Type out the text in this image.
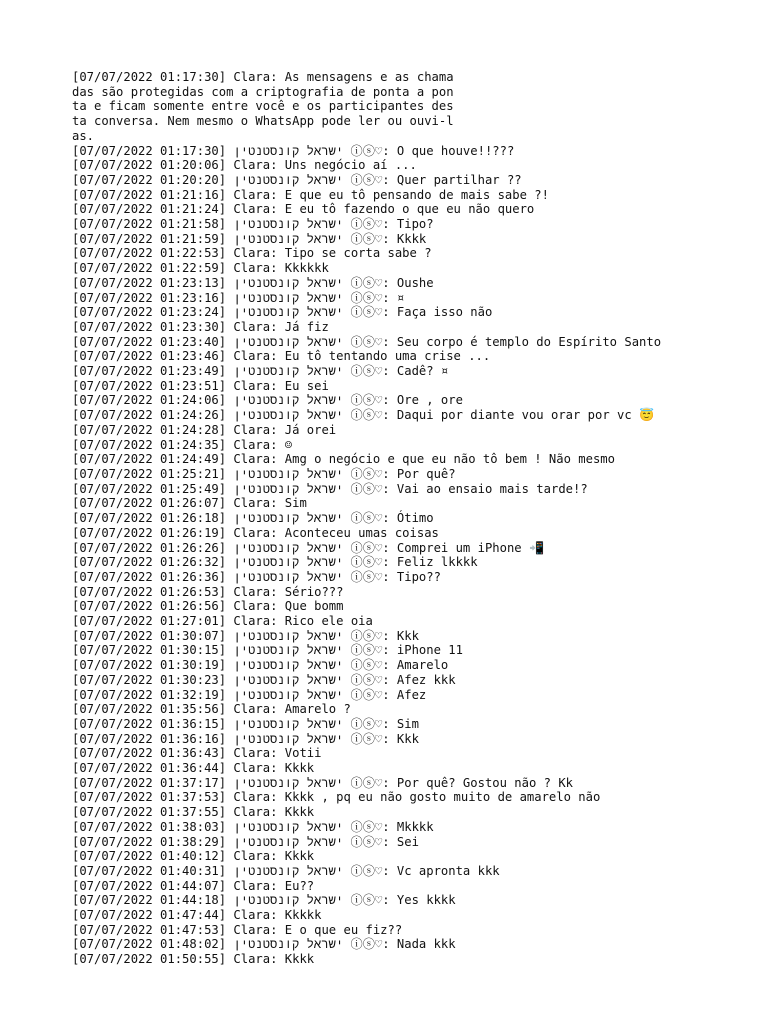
[07/07/2022 01:17:30] Clara: As mensagens e as chamadas são protegidas com a criptografia de ponta a ponta e ficam somente entre você e os participantes desta conversa. Nem mesmo o WhatsApp pode ler ou ouvi-las.
[07/07/2022 01:17:30] ישראל קונסטנטין ⓘⓢ♡: O que houve!!???
[07/07/2022 01:20:06] Clara: Uns negócio aí ...
[07/07/2022 01:20:20] ישראל קונסטנטין ⓘⓢ♡: Quer partilhar ??
[07/07/2022 01:21:16] Clara: E que eu tô pensando de mais sabe ?!
[07/07/2022 01:21:24] Clara: E eu tô fazendo o que eu não quero
[07/07/2022 01:21:58] ישראל קונסטנטין ⓘⓢ♡: Tipo?
[07/07/2022 01:21:59] ישראל קונסטנטין ⓘⓢ♡: Kkkk
[07/07/2022 01:22:53] Clara: Tipo se corta sabe ?
[07/07/2022 01:22:59] Clara: Kkkkkk
[07/07/2022 01:23:13] ישראל קונסטנטין ⓘⓢ♡: Oushe
[07/07/2022 01:23:16] ישראל קונסטנטין ⓘⓢ♡: ¤
[07/07/2022 01:23:24] ישראל קונסטנטין ⓘⓢ♡: Faça isso não
[07/07/2022 01:23:30] Clara: Já fiz
[07/07/2022 01:23:40] ישראל קונסטנטין ⓘⓢ♡: Seu corpo é templo do Espírito Santo
[07/07/2022 01:23:46] Clara: Eu tô tentando uma crise ...
[07/07/2022 01:23:49] ישראל קונסטנטין ⓘⓢ♡: Cadê? ¤
[07/07/2022 01:23:51] Clara: Eu sei
[07/07/2022 01:24:06] ישראל קונסטנטין ⓘⓢ♡: Ore , ore
[07/07/2022 01:24:26] ישראל קונסטנטין ⓘⓢ♡: Daqui por diante vou orar por vc 😇
[07/07/2022 01:24:28] Clara: Já orei
[07/07/2022 01:24:35] Clara: ☺
[07/07/2022 01:24:49] Clara: Amg o negócio e que eu não tô bem ! Não mesmo
[07/07/2022 01:25:21] ישראל קונסטנטין ⓘⓢ♡: Por quê?
[07/07/2022 01:25:49] ישראל קונסטנטין ⓘⓢ♡: Vai ao ensaio mais tarde!?
[07/07/2022 01:26:07] Clara: Sim
[07/07/2022 01:26:18] ישראל קונסטנטין ⓘⓢ♡: Ótimo
[07/07/2022 01:26:19] Clara: Aconteceu umas coisas
[07/07/2022 01:26:26] ישראל קונסטנטין ⓘⓢ♡: Comprei um iPhone 📲
[07/07/2022 01:26:32] ישראל קונסטנטין ⓘⓢ♡: Feliz lkkkk
[07/07/2022 01:26:36] ישראל קונסטנטין ⓘⓢ♡: Tipo??
[07/07/2022 01:26:53] Clara: Sério???
[07/07/2022 01:26:56] Clara: Que bomm
[07/07/2022 01:27:01] Clara: Rico ele oia
[07/07/2022 01:30:07] ישראל קונסטנטין ⓘⓢ♡: Kkk
[07/07/2022 01:30:15] ישראל קונסטנטין ⓘⓢ♡: iPhone 11
[07/07/2022 01:30:19] ישראל קונסטנטין ⓘⓢ♡: Amarelo
[07/07/2022 01:30:23] ישראל קונסטנטין ⓘⓢ♡: Afez kkk
[07/07/2022 01:32:19] ישראל קונסטנטין ⓘⓢ♡: Afez
[07/07/2022 01:35:56] Clara: Amarelo ?
[07/07/2022 01:36:15] ישראל קונסטנטין ⓘⓢ♡: Sim
[07/07/2022 01:36:16] ישראל קונסטנטין ⓘⓢ♡: Kkk
[07/07/2022 01:36:43] Clara: Votii
[07/07/2022 01:36:44] Clara: Kkkk
[07/07/2022 01:37:17] ישראל קונסטנטין ⓘⓢ♡: Por quê? Gostou não ? Kk
[07/07/2022 01:37:53] Clara: Kkkk , pq eu não gosto muito de amarelo não
[07/07/2022 01:37:55] Clara: Kkkk
[07/07/2022 01:38:03] ישראל קונסטנטין ⓘⓢ♡: Mkkkk
[07/07/2022 01:38:29] ישראל קונסטנטין ⓘⓢ♡: Sei
[07/07/2022 01:40:12] Clara: Kkkk
[07/07/2022 01:40:31] ישראל קונסטנטין ⓘⓢ♡: Vc apronta kkk
[07/07/2022 01:44:07] Clara: Eu??
[07/07/2022 01:44:18] ישראל קונסטנטין ⓘⓢ♡: Yes kkkk
[07/07/2022 01:47:44] Clara: Kkkkk
[07/07/2022 01:47:53] Clara: E o que eu fiz??
[07/07/2022 01:48:02] ישראל קונסטנטין ⓘⓢ♡: Nada kkk
[07/07/2022 01:50:55] Clara: Kkkk
